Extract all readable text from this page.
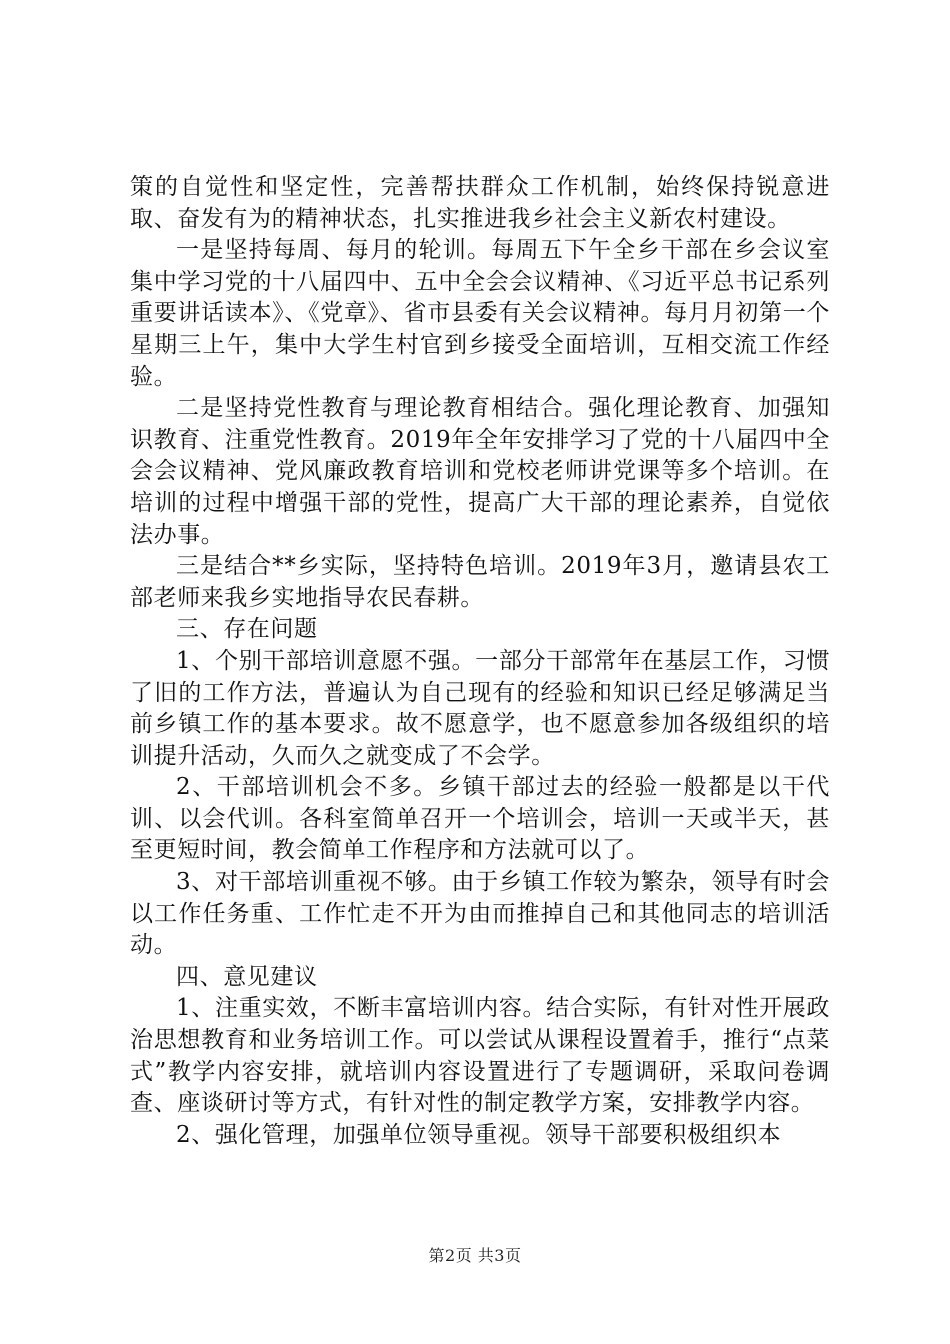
策的自觉性和坚定性，完善帮扶群众工作机制，始终保持锐意进取、奋发有为的精神状态，扎实推进我乡社会主义新农村建设。

一是坚持每周、每月的轮训。每周五下午全乡干部在乡会议室集中学习党的十八届四中、五中全会会议精神、《习近平总书记系列重要讲话读本》、《党章》、省市县委有关会议精神。每月月初第一个星期三上午，集中大学生村官到乡接受全面培训，互相交流工作经验。

二是坚持党性教育与理论教育相结合。强化理论教育、加强知识教育、注重党性教育。2019年全年安排学习了党的十八届四中全会会议精神、党风廉政教育培训和党校老师讲党课等多个培训。在培训的过程中增强干部的党性，提高广大干部的理论素养，自觉依法办事。

三是结合**乡实际，坚持特色培训。2019年3月，邀请县农工部老师来我乡实地指导农民春耕。

三、存在问题

1、个别干部培训意愿不强。一部分干部常年在基层工作，习惯了旧的工作方法，普遍认为自己现有的经验和知识已经足够满足当前乡镇工作的基本要求。故不愿意学，也不愿意参加各级组织的培训提升活动，久而久之就变成了不会学。

2、干部培训机会不多。乡镇干部过去的经验一般都是以干代训、以会代训。各科室简单召开一个培训会，培训一天或半天，甚至更短时间，教会简单工作程序和方法就可以了。

3、对干部培训重视不够。由于乡镇工作较为繁杂，领导有时会以工作任务重、工作忙走不开为由而推掉自己和其他同志的培训活动。

四、意见建议

1、注重实效，不断丰富培训内容。结合实际，有针对性开展政治思想教育和业务培训工作。可以尝试从课程设置着手，推行“点菜式”教学内容安排，就培训内容设置进行了专题调研，采取问卷调查、座谈研讨等方式，有针对性的制定教学方案，安排教学内容。

2、强化管理，加强单位领导重视。领导干部要积极组织本

第2页 共3页
